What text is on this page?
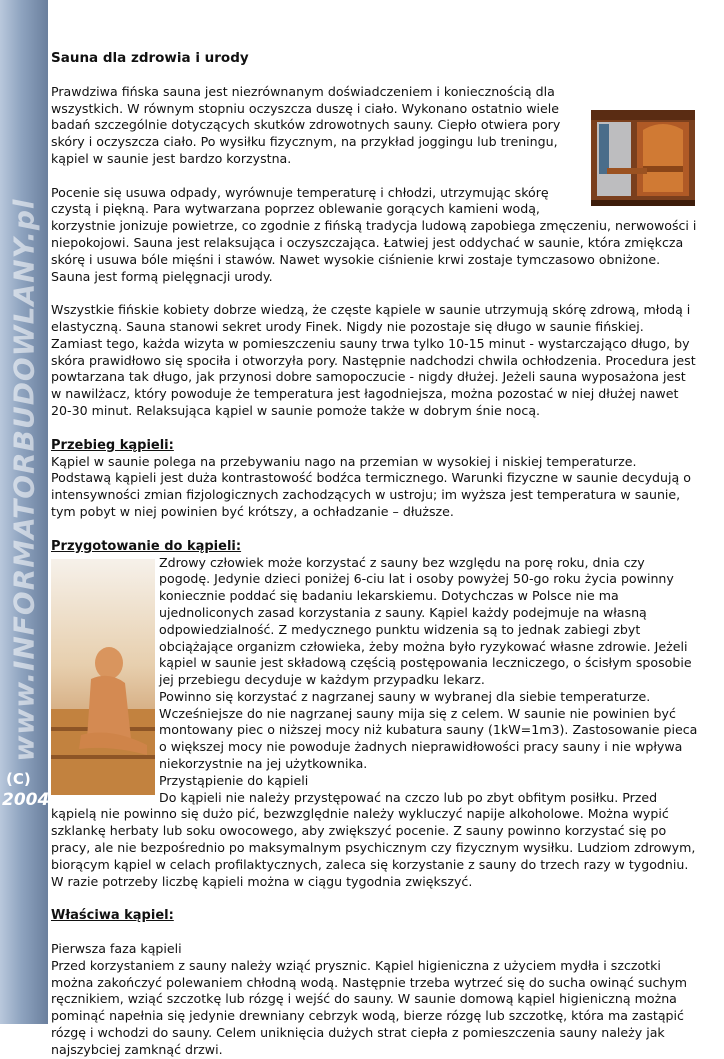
www.INFORMATORBUDOWLANY.pl
(C)
2004
Sauna dla zdrowia i urody

Prawdziwa fińska sauna jest niezrównanym doświadczeniem i koniecznością dla wszystkich. W równym stopniu oczyszcza duszę i ciało. Wykonano ostatnio wiele badań szczególnie dotyczących skutków zdrowotnych sauny. Ciepło otwiera pory skóry i oczyszcza ciało. Po wysiłku fizycznym, na przykład joggingu lub treningu, kąpiel w saunie jest bardzo korzystna.

Pocenie się usuwa odpady, wyrównuje temperaturę i chłodzi, utrzymując skórę czystą i piękną. Para wytwarzana poprzez oblewanie gorących kamieni wodą, korzystnie jonizuje powietrze, co zgodnie z fińską tradycja ludową zapobiega zmęczeniu, nerwowości i niepokojowi. Sauna jest relaksująca i oczyszczająca. Łatwiej jest oddychać w saunie, która zmiękcza skórę i usuwa bóle mięśni i stawów. Nawet wysokie ciśnienie krwi zostaje tymczasowo obniżone. Sauna jest formą pielęgnacji urody.

Wszystkie fińskie kobiety dobrze wiedzą, że częste kąpiele w saunie utrzymują skórę zdrową, młodą i elastyczną. Sauna stanowi sekret urody Finek. Nigdy nie pozostaje się długo w saunie fińskiej. Zamiast tego, każda wizyta w pomieszczeniu sauny trwa tylko 10-15 minut - wystarczająco długo, by skóra prawidłowo się spociła i otworzyła pory. Następnie nadchodzi chwila ochłodzenia. Procedura jest powtarzana tak długo, jak przynosi dobre samopoczucie - nigdy dłużej. Jeżeli sauna wyposażona jest w nawilżacz, który powoduje że temperatura jest łagodniejsza, można pozostać w niej dłużej nawet 20-30 minut. Relaksująca kąpiel w saunie pomoże także w dobrym śnie nocą.

Przebieg kąpieli:

Kąpiel w saunie polega na przebywaniu nago na przemian w wysokiej i niskiej temperaturze. Podstawą kąpieli jest duża kontrastowość bodźca termicznego. Warunki fizyczne w saunie decydują o intensywności zmian fizjologicznych zachodzących w ustroju; im wyższa jest temperatura w saunie, tym pobyt w niej powinien być krótszy, a ochładzanie – dłuższe.

Przygotowanie do kąpieli:

Zdrowy człowiek może korzystać z sauny bez względu na porę roku, dnia czy pogodę. Jedynie dzieci poniżej 6-ciu lat i osoby powyżej 50-go roku życia powinny koniecznie poddać się badaniu lekarskiemu. Dotychczas w Polsce nie ma ujednoliconych zasad korzystania z sauny. Kąpiel każdy podejmuje na własną odpowiedzialność. Z medycznego punktu widzenia są to jednak zabiegi zbyt obciążające organizm człowieka, żeby można było ryzykować własne zdrowie. Jeżeli kąpiel w saunie jest składową częścią postępowania leczniczego, o ścisłym sposobie jej przebiegu decyduje w każdym przypadku lekarz.

Powinno się korzystać z nagrzanej sauny w wybranej dla siebie temperaturze. Wcześniejsze do nie nagrzanej sauny mija się z celem. W saunie nie powinien być montowany piec o niższej mocy niż kubatura sauny (1kW=1m3). Zastosowanie pieca o większej mocy nie powoduje żadnych nieprawidłowości pracy sauny i nie wpływa niekorzystnie na jej użytkownika.

Przystąpienie do kąpieli

Do kąpieli nie należy przystępować na czczo lub po zbyt obfitym posiłku. Przed kąpielą nie powinno się dużo pić, bezwzględnie należy wykluczyć napije alkoholowe. Można wypić szklankę herbaty lub soku owocowego, aby zwiększyć pocenie. Z sauny powinno korzystać się po pracy, ale nie bezpośrednio po maksymalnym psychicznym czy fizycznym wysiłku. Ludziom zdrowym, biorącym kąpiel w celach profilaktycznych, zaleca się korzystanie z sauny do trzech razy w tygodniu. W razie potrzeby liczbę kąpieli można w ciągu tygodnia zwiększyć.

Właściwa kąpiel:

Pierwsza faza kąpieli

Przed korzystaniem z sauny należy wziąć prysznic. Kąpiel higieniczna z użyciem mydła i szczotki można zakończyć polewaniem chłodną wodą. Następnie trzeba wytrzeć się do sucha owinąć suchym ręcznikiem, wziąć szczotkę lub rózgę i wejść do sauny. W saunie domową kąpiel higieniczną można pominąć napełnia się jedynie drewniany cebrzyk wodą, bierze rózgę lub szczotkę, która ma zastąpić rózgę i wchodzi do sauny. Celem uniknięcia dużych strat ciepła z pomieszczenia sauny należy jak najszybciej zamknąć drzwi.
